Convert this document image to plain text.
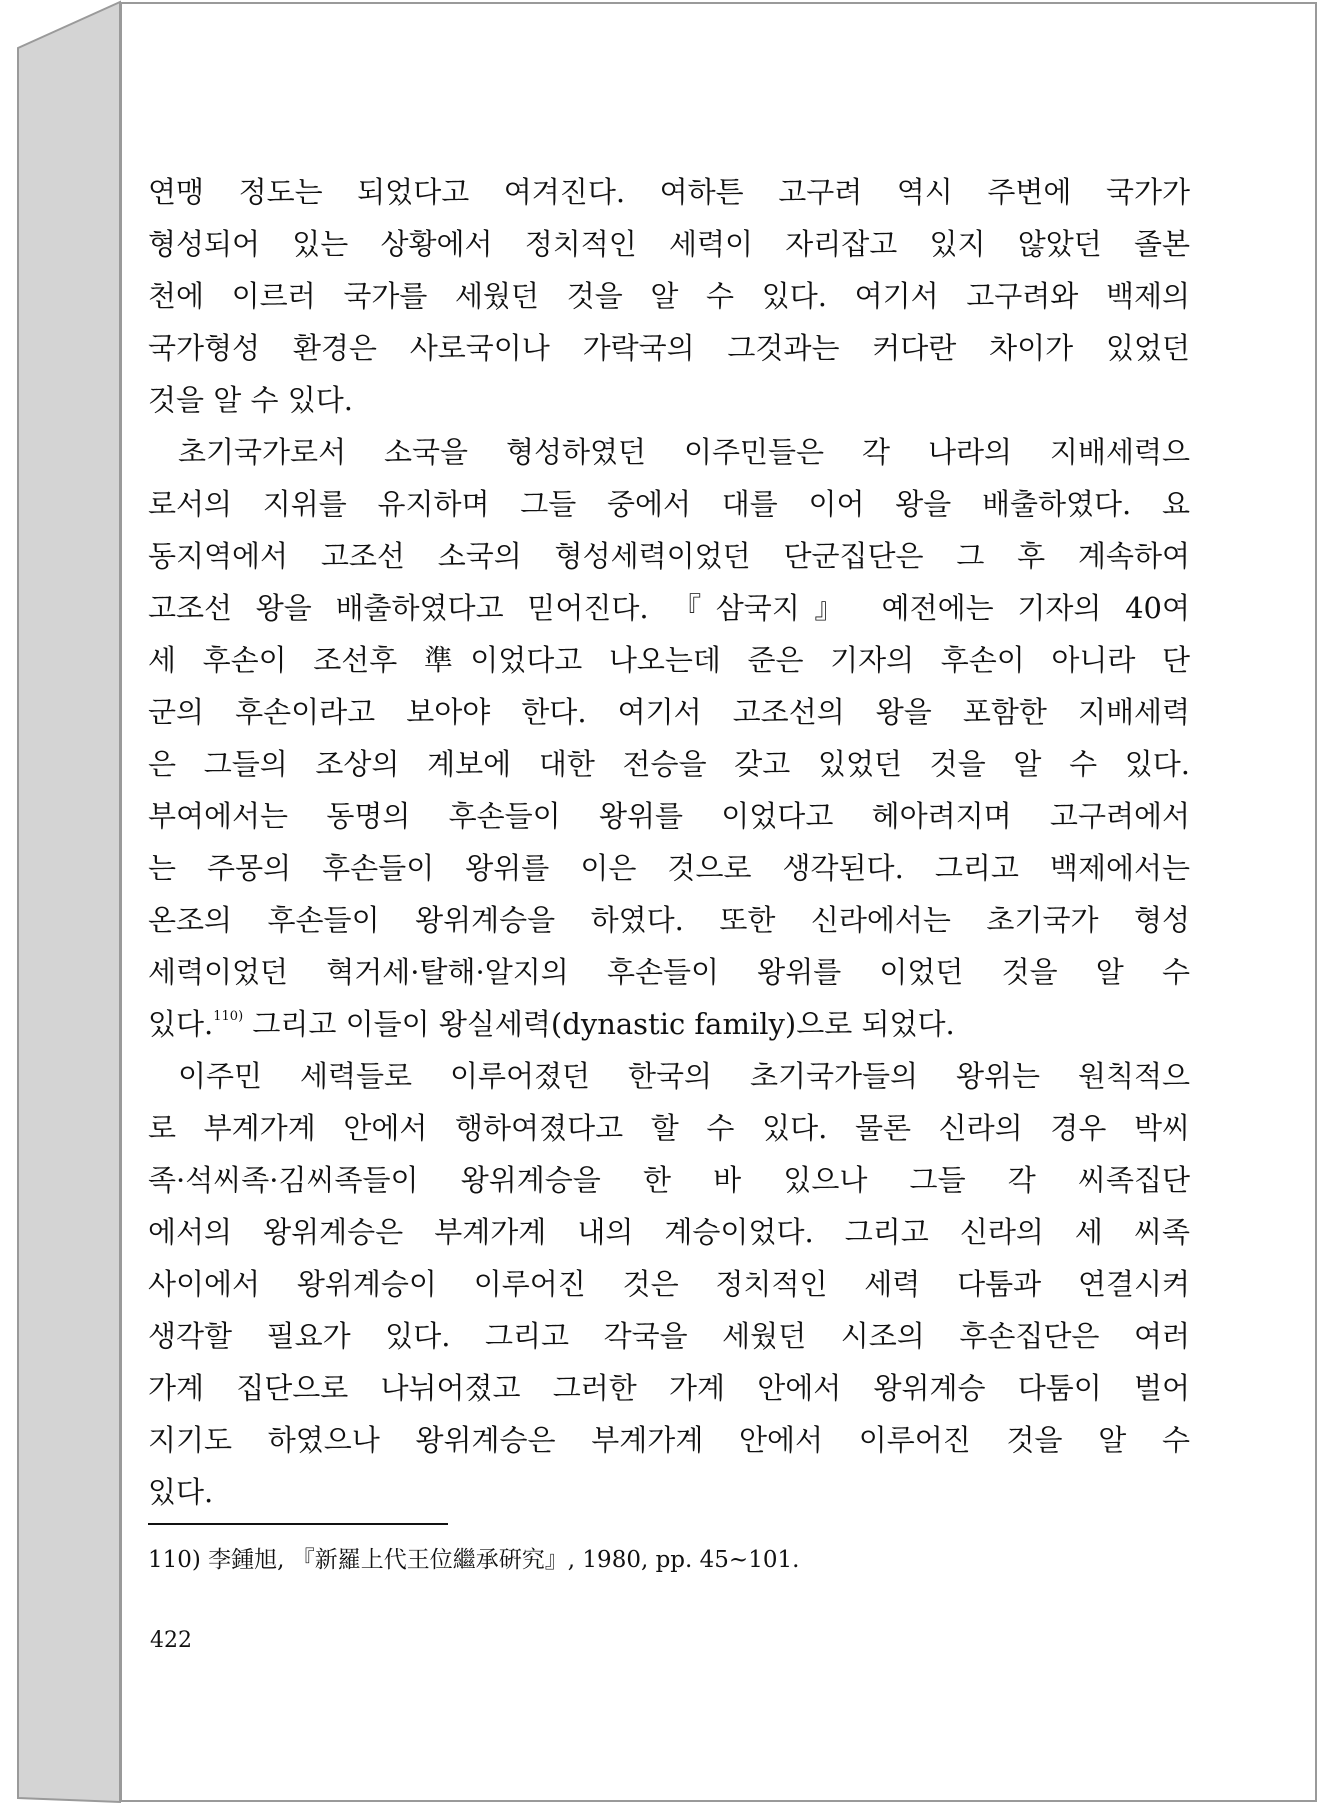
연맹 정도는 되었다고 여겨진다. 여하튼 고구려 역시 주변에 국가가
형성되어 있는 상황에서 정치적인 세력이 자리잡고 있지 않았던 졸본
천에 이르러 국가를 세웠던 것을 알 수 있다. 여기서 고구려와 백제의
국가형성 환경은 사로국이나 가락국의 그것과는 커다란 차이가 있었던
것을 알 수 있다.
초기국가로서 소국을 형성하였던 이주민들은 각 나라의 지배세력으
로서의 지위를 유지하며 그들 중에서 대를 이어 왕을 배출하였다. 요
동지역에서 고조선 소국의 형성세력이었던 단군집단은 그 후 계속하여
고조선 왕을 배출하였다고 믿어진다. 『삼국지』 예전에는 기자의 40여
세 후손이 조선후 準이었다고 나오는데 준은 기자의 후손이 아니라 단
군의 후손이라고 보아야 한다. 여기서 고조선의 왕을 포함한 지배세력
은 그들의 조상의 계보에 대한 전승을 갖고 있었던 것을 알 수 있다.
부여에서는 동명의 후손들이 왕위를 이었다고 헤아려지며 고구려에서
는 주몽의 후손들이 왕위를 이은 것으로 생각된다. 그리고 백제에서는
온조의 후손들이 왕위계승을 하였다. 또한 신라에서는 초기국가 형성
세력이었던 혁거세·탈해·알지의 후손들이 왕위를 이었던 것을 알 수
있다.$^{110)}$ 그리고 이들이 왕실세력(dynastic family)으로 되었다.
이주민 세력들로 이루어졌던 한국의 초기국가들의 왕위는 원칙적으
로 부계가계 안에서 행하여졌다고 할 수 있다. 물론 신라의 경우 박씨
족·석씨족·김씨족들이 왕위계승을 한 바 있으나 그들 각 씨족집단
에서의 왕위계승은 부계가계 내의 계승이었다. 그리고 신라의 세 씨족
사이에서 왕위계승이 이루어진 것은 정치적인 세력 다툼과 연결시켜
생각할 필요가 있다. 그리고 각국을 세웠던 시조의 후손집단은 여러
가계 집단으로 나뉘어졌고 그러한 가계 안에서 왕위계승 다툼이 벌어
지기도 하였으나 왕위계승은 부계가계 안에서 이루어진 것을 알 수
있다.
110) 李鍾旭, 『新羅上代王位繼承硏究』, 1980, pp. 45~101.
422
